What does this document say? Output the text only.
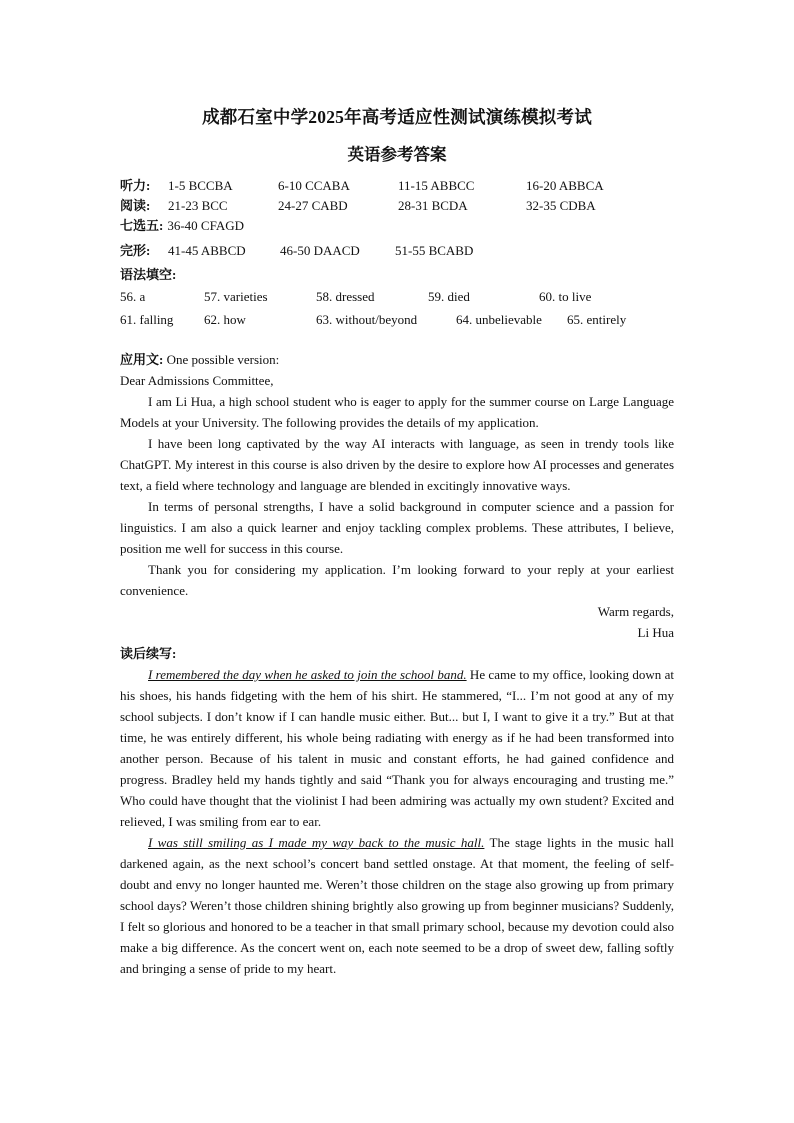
成都石室中学2025年高考适应性测试演练模拟考试
英语参考答案
听力:	1-5 BCCBA	6-10 CCABA	11-15 ABBCC	16-20 ABBCA
阅读:	21-23 BCC	24-27 CABD	28-31 BCDA	32-35 CDBA
七选五: 36-40 CFAGD
完形:	41-45 ABBCD	46-50 DAACD	51-55 BCABD
语法填空:
56. a	57. varieties	58. dressed	59. died	60. to live
61. falling	62. how	63. without/beyond	64. unbelievable	65. entirely
应用文: One possible version:
Dear Admissions Committee,

I am Li Hua, a high school student who is eager to apply for the summer course on Large Language Models at your University. The following provides the details of my application.

I have been long captivated by the way AI interacts with language, as seen in trendy tools like ChatGPT. My interest in this course is also driven by the desire to explore how AI processes and generates text, a field where technology and language are blended in excitingly innovative ways.

In terms of personal strengths, I have a solid background in computer science and a passion for linguistics. I am also a quick learner and enjoy tackling complex problems. These attributes, I believe, position me well for success in this course.

Thank you for considering my application. I’m looking forward to your reply at your earliest convenience.

Warm regards,
Li Hua
读后续写:

I remembered the day when he asked to join the school band. He came to my office, looking down at his shoes, his hands fidgeting with the hem of his shirt. He stammered, “I... I’m not good at any of my school subjects. I don’t know if I can handle music either. But... but I, I want to give it a try.” But at that time, he was entirely different, his whole being radiating with energy as if he had been transformed into another person. Because of his talent in music and constant efforts, he had gained confidence and progress. Bradley held my hands tightly and said “Thank you for always encouraging and trusting me.” Who could have thought that the violinist I had been admiring was actually my own student? Excited and relieved, I was smiling from ear to ear.

I was still smiling as I made my way back to the music hall. The stage lights in the music hall darkened again, as the next school’s concert band settled onstage. At that moment, the feeling of self-doubt and envy no longer haunted me. Weren’t those children on the stage also growing up from primary school days? Weren’t those children shining brightly also growing up from beginner musicians? Suddenly, I felt so glorious and honored to be a teacher in that small primary school, because my devotion could also make a big difference. As the concert went on, each note seemed to be a drop of sweet dew, falling softly and bringing a sense of pride to my heart.
